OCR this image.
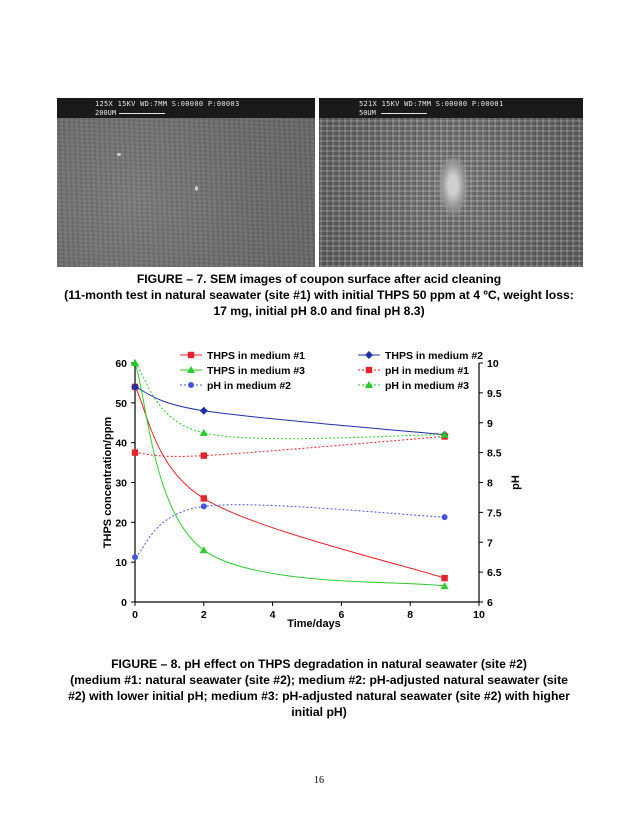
125X 15KV WD:7MM S:00000 P:00003
200UM
521X 15KV WD:7MM S:00000 P:00001
50UM
FIGURE – 7. SEM images of coupon surface after acid cleaning
(11-month test in natural seawater (site #1) with initial THPS 50 ppm at 4 ºC, weight loss:
17 mg, initial pH 8.0 and final pH 8.3)
0
10
20
30
40
50
60
6
6.5
7
7.5
8
8.5
9
9.5
10
0	2	4	6	8	10
Time/days
THPS concentration/ppm	pH
THPS in medium #1	THPS in medium #2
THPS in medium #3	pH in medium #1
pH in medium #2	pH in medium #3
FIGURE – 8. pH effect on THPS degradation in natural seawater (site #2)
(medium #1: natural seawater (site #2); medium #2: pH-adjusted natural seawater (site
#2) with lower initial pH; medium #3: pH-adjusted natural seawater (site #2) with higher
initial pH)
16
